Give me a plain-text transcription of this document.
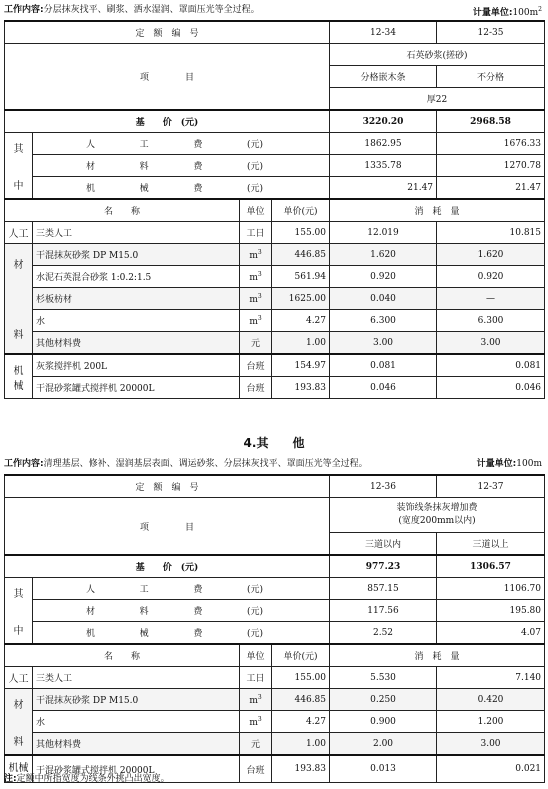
工作内容:分层抹灰找平、刷浆、洒水湿润、罩面压光等全过程。	计量单位$:100m^2$
定　额　编　号				12-34	12-35
项　　　　目				石英砂浆(搓砂)	
				分格嵌木条	不分格
				厚22	
基　　价　(元)				3220.20	2968.58
其

中	人 工 费 (元)			1862.95	1676.33

	材 料 费 (元)			1335.78	1270.78

	机 械 费 (元)			21.47	21.47
名　　称		单位	单价(元)	消　耗　量	
人工	三类人工	工日	155.00	12.019	10.815
材

料	干混抹灰砂浆 DP M15.0	$m^3$	446.85	1.620	1.620
	水泥石英混合砂浆 1:0.2:1.5	$m^3$	561.94	0.920	0.920
	杉板枋材	$m^3$	1625.00	0.040	—
	水	$m^3$	4.27	6.300	6.300
	其他材料费	元	1.00	3.00	3.00
机
械	灰浆搅拌机 200L	台班	154.97	0.081	0.081
	干混砂浆罐式搅拌机 20000L	台班	193.83	0.046	0.046
4.其　　他
工作内容:清理基层、修补、湿润基层表面、调运砂浆、分层抹灰找平、罩面压光等全过程。	计量单位:100m
定　额　编　号				12-36	12-37
项　　　　目				装饰线条抹灰增加费
(宽度200mm以内)	
				三道以内	三道以上
基　　价　(元)				977.23	1306.57
其

中	人 工 费 (元)			857.15	1106.70

	材 料 费 (元)			117.56	195.80

	机 械 费 (元)			2.52	4.07
名　　称		单位	单价(元)	消　耗　量	
人工	三类人工	工日	155.00	5.530	7.140
材

料	干混抹灰砂浆 DP M15.0	$m^3$	446.85	0.250	0.420
	水	$m^3$	4.27	0.900	1.200
	其他材料费	元	1.00	2.00	3.00
机械	干混砂浆罐式搅拌机 20000L	台班	193.83	0.013	0.021
注:定额中所指宽度为线条外挑凸出宽度。
